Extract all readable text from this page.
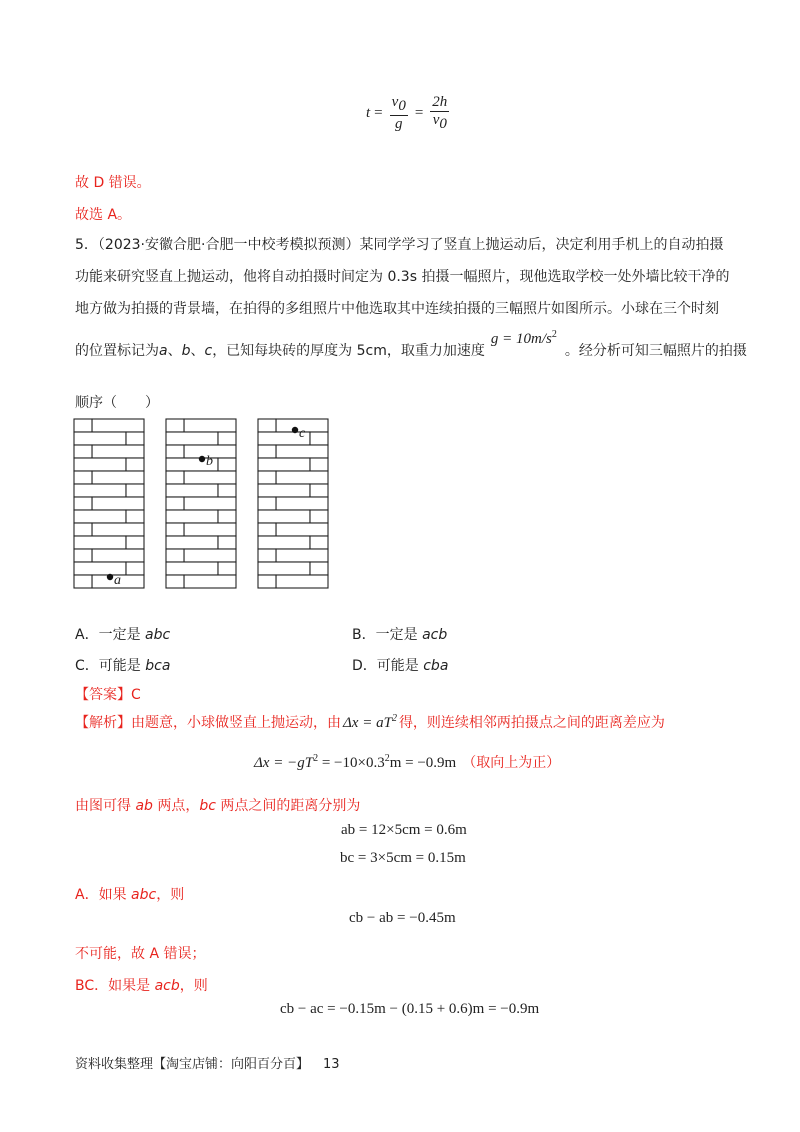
$t = \frac{v_0}{g} = \frac{2h}{v_0}$
故 D 错误。
故选 A。
5．（2023·安徽合肥·合肥一中校考模拟预测）某同学学习了竖直上抛运动后，决定利用手机上的自动拍摄
功能来研究竖直上抛运动，他将自动拍摄时间定为 0.3s 拍摄一幅照片，现他选取学校一处外墙比较干净的
地方做为拍摄的背景墙，在拍得的多组照片中他选取其中连续拍摄的三幅照片如图所示。小球在三个时刻
的位置标记为 a、b、c ，已知每块砖的厚度为 5cm，取重力加速度
$g = 10m/s^2$
。经分析可知三幅照片的拍摄
顺序（　　）
a
b
c
A．一定是 abc	B．一定是 acb
C．可能是 bca	D．可能是 cba
【答案】C
【解析】 由题意，小球做竖直上抛运动，由 $\Delta x = aT^2$ 得，则连续相邻两拍摄点之间的距离差应为
$\Delta x = -gT^2 = -10\times 0.3^2m = -0.9m$ （取向上为正）
由图可得 ab 两点，bc 两点之间的距离分别为
ab = 12×5cm = 0.6m
bc = 3×5cm = 0.15m
A．如果 abc，则
cb − ab = −0.45m
不可能，故 A 错误；
BC．如果是 acb，则
cb − ac = −0.15m − (0.15 + 0.6)m = −0.9m
资料收集整理【淘宝店铺：向阳百分百】 13
